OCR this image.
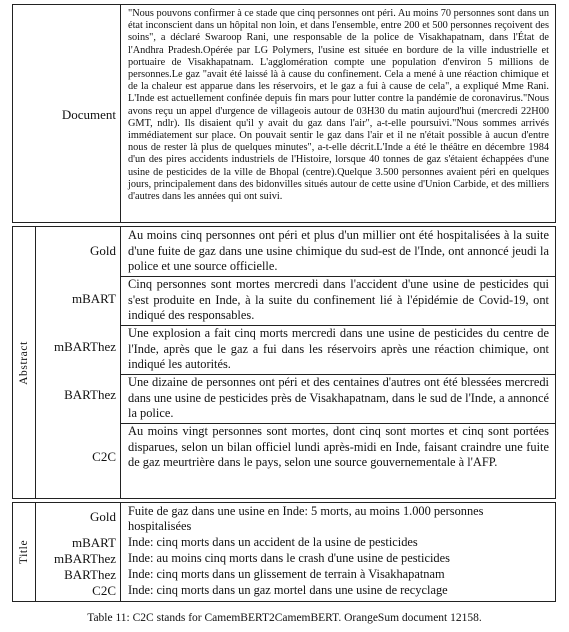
Document
"Nous pouvons confirmer à ce stade que cinq personnes ont péri. Au moins 70 personnes sont dans un état inconscient dans un hôpital non loin, et dans l'ensemble, entre 200 et 500 personnes reçoivent des soins", a déclaré Swaroop Rani, une responsable de la police de Visakhapatnam, dans l'État de l'Andhra Pradesh.Opérée par LG Polymers, l'usine est située en bordure de la ville industrielle et portuaire de Visakhapatnam. L'agglomération compte une population d'environ 5 millions de personnes.Le gaz "avait été laissé là à cause du confinement. Cela a mené à une réaction chimique et de la chaleur est apparue dans les réservoirs, et le gaz a fui à cause de cela", a expliqué Mme Rani. L'Inde est actuellement confinée depuis fin mars pour lutter contre la pandémie de coronavirus."Nous avons reçu un appel d'urgence de villageois autour de 03H30 du matin aujourd'hui (mercredi 22H00 GMT, ndlr). Ils disaient qu'il y avait du gaz dans l'air", a-t-elle poursuivi."Nous sommes arrivés immédiatement sur place. On pouvait sentir le gaz dans l'air et il ne n'était possible à aucun d'entre nous de rester là plus de quelques minutes", a-t-elle décrit.L'Inde a été le théâtre en décembre 1984 d'un des pires accidents industriels de l'Histoire, lorsque 40 tonnes de gaz s'étaient échappées d'une usine de pesticides de la ville de Bhopal (centre).Quelque 3.500 personnes avaient péri en quelques jours, principalement dans des bidonvilles situés autour de cette usine d'Union Carbide, et des milliers d'autres dans les années qui ont suivi.
Abstract
Gold
mBART
mBARThez
BARThez
C2C
Au moins cinq personnes ont péri et plus d'un millier ont été hospitalisées à la suite d'une fuite de gaz dans une usine chimique du sud-est de l'Inde, ont annoncé jeudi la police et une source officielle.
Cinq personnes sont mortes mercredi dans l'accident d'une usine de pesticides qui s'est produite en Inde, à la suite du confinement lié à l'épidémie de Covid-19, ont indiqué des responsables.
Une explosion a fait cinq morts mercredi dans une usine de pesticides du centre de l'Inde, après que le gaz a fui dans les réservoirs après une réaction chimique, ont indiqué les autorités.
Une dizaine de personnes ont péri et des centaines d'autres ont été blessées mercredi dans une usine de pesticides près de Visakhapatnam, dans le sud de l'Inde, a annoncé la police.
Au moins vingt personnes sont mortes, dont cinq sont mortes et cinq sont portées disparues, selon un bilan officiel lundi après-midi en Inde, faisant craindre une fuite de gaz meurtrière dans le pays, selon une source gouvernementale à l'AFP.
Title
Gold
mBART
mBARThez
BARThez
C2C
Fuite de gaz dans une usine en Inde: 5 morts, au moins 1.000 personnes hospitalisées
Inde: cinq morts dans un accident de la usine de pesticides
Inde: au moins cinq morts dans le crash d'une usine de pesticides
Inde: cinq morts dans un glissement de terrain à Visakhapatnam
Inde: cinq morts dans un gaz mortel dans une usine de recyclage
Table 11: C2C stands for CamemBERT2CamemBERT. OrangeSum document 12158.
